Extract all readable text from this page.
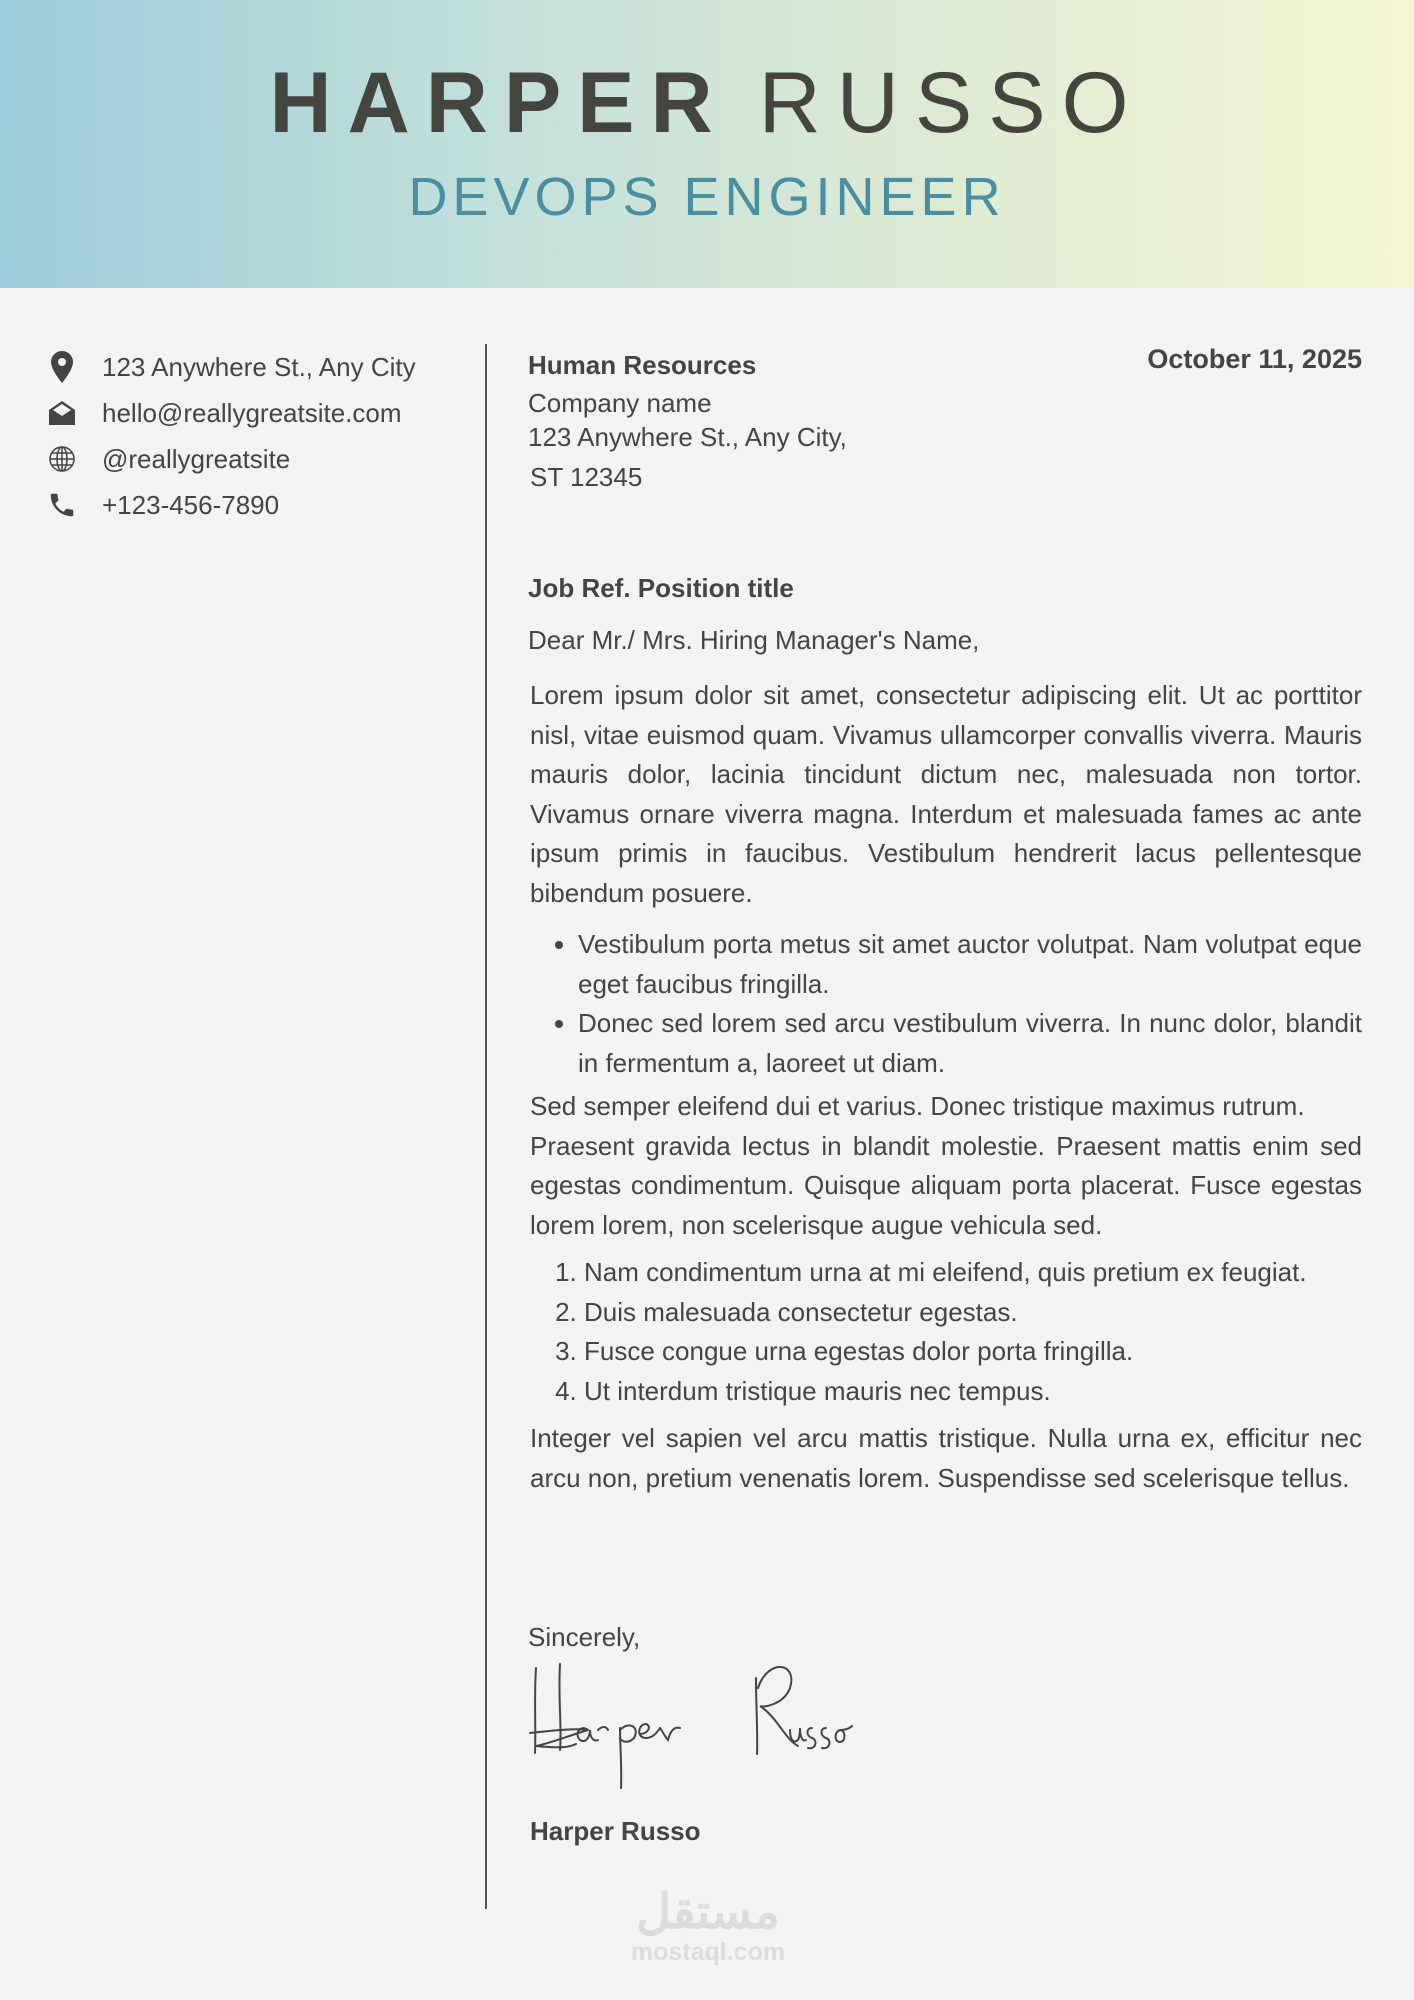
HARPER RUSSO
DEVOPS ENGINEER
123 Anywhere St., Any City
hello@reallygreatsite.com
@reallygreatsite
+123-456-7890
October 11, 2025
Human Resources
Company name
123 Anywhere St., Any City,
ST 12345
Job Ref. Position title
Dear Mr./ Mrs. Hiring Manager's Name,

Lorem ipsum dolor sit amet, consectetur adipiscing elit. Ut ac porttitor nisl, vitae euismod quam. Vivamus ullamcorper convallis viverra. Mauris mauris dolor, lacinia tincidunt dictum nec, malesuada non tortor. Vivamus ornare viverra magna. Interdum et malesuada fames ac ante ipsum primis in faucibus. Vestibulum hendrerit lacus pellentesque bibendum posuere.

• Vestibulum porta metus sit amet auctor volutpat. Nam volutpat eque eget faucibus fringilla.
• Donec sed lorem sed arcu vestibulum viverra. In nunc dolor, blandit in fermentum a, laoreet ut diam.
Sed semper eleifend dui et varius. Donec tristique maximus rutrum.

Praesent gravida lectus in blandit molestie. Praesent mattis enim sed egestas condimentum. Quisque aliquam porta placerat. Fusce egestas lorem lorem, non scelerisque augue vehicula sed.

1. Nam condimentum urna at mi eleifend, quis pretium ex feugiat.
2. Duis malesuada consectetur egestas.
3. Fusce congue urna egestas dolor porta fringilla.
4. Ut interdum tristique mauris nec tempus.

Integer vel sapien vel arcu mattis tristique. Nulla urna ex, efficitur nec arcu non, pretium venenatis lorem. Suspendisse sed scelerisque tellus.

Sincerely,
Harper Russo
مستقل
mostaql.com
